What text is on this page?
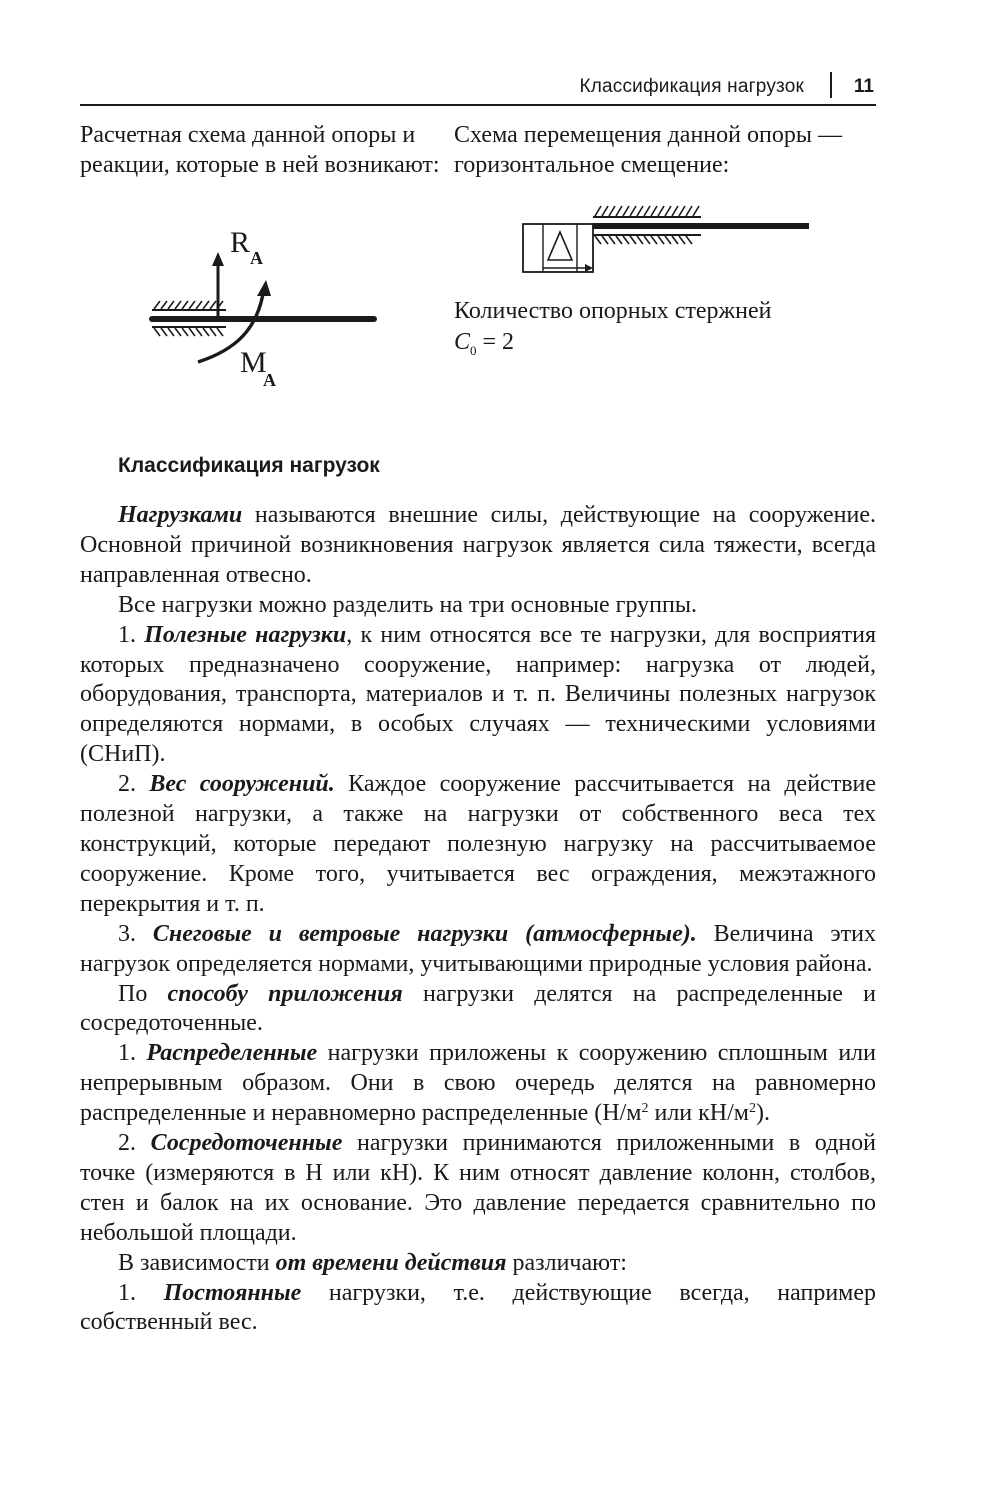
Классификация нагрузок	11
Расчетная схема данной опоры и реакции, которые в ней возникают:
R A
M
A
Схема перемещения данной опоры — горизонтальное смещение:
Количество опорных стержней
$C_0 = 2$
Классификация нагрузок

Нагрузками называются внешние силы, действующие на сооружение. Основной причиной возникновения нагрузок является сила тяжести, всегда направленная отвесно.

Все нагрузки можно разделить на три основные группы.

1. Полезные нагрузки, к ним относятся все те нагрузки, для восприятия которых предназначено сооружение, например: нагрузка от людей, оборудования, транспорта, материалов и т. п. Величины полезных нагрузок определяются нормами, в особых случаях — техническими условиями (СНиП).

2. Вес сооружений. Каждое сооружение рассчитывается на действие полезной нагрузки, а также на нагрузки от собственного веса тех конструкций, которые передают полезную нагрузку на рассчитываемое сооружение. Кроме того, учитывается вес ограждения, межэтажного перекрытия и т. п.

3. Снеговые и ветровые нагрузки (атмосферные). Величина этих нагрузок определяется нормами, учитывающими природные условия района.

По способу приложения нагрузки делятся на распределенные и сосредоточенные.

1. Распределенные нагрузки приложены к сооружению сплошным или непрерывным образом. Они в свою очередь делятся на равномерно распределенные и неравномерно распределенные ($Н/м^2$ или $кН/м^2$).

2. Сосредоточенные нагрузки принимаются приложенными в одной точке (измеряются в Н или кН). К ним относят давление колонн, столбов, стен и балок на их основание. Это давление передается сравнительно по небольшой площади.

В зависимости от времени действия различают:

1. Постоянные нагрузки, т.е. действующие всегда, например собственный вес.
